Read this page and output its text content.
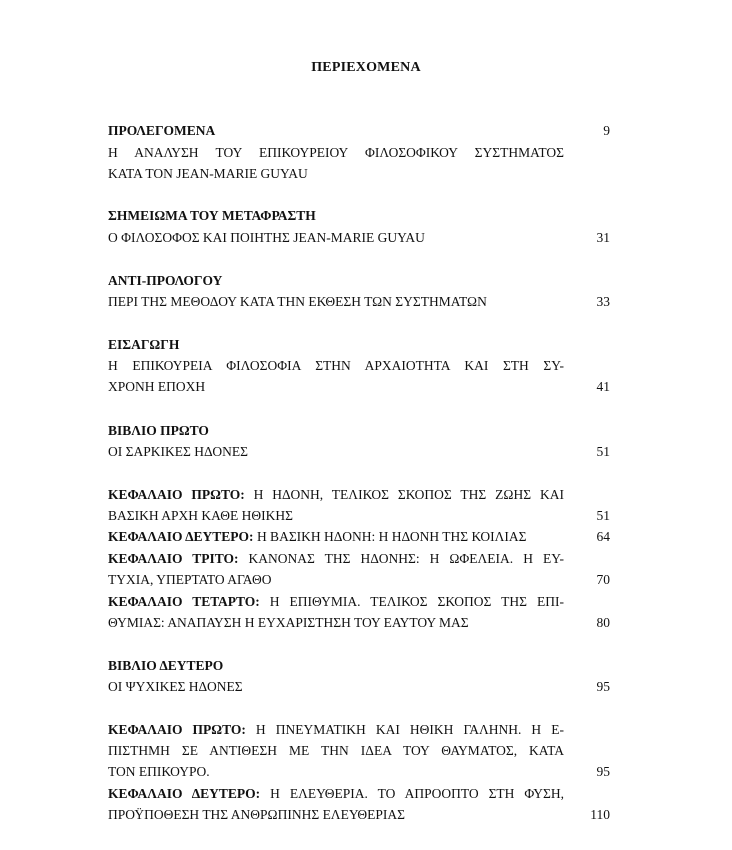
ΠΕΡΙΕΧΟΜΕΝΑ
ΠΡΟΛΕΓΟΜΕΝΑ	9
Η ΑΝΑΛΥΣΗ ΤΟΥ ΕΠΙΚΟΥΡΕΙΟΥ ΦΙΛΟΣΟΦΙΚΟΥ ΣΥΣΤΗΜΑΤΟΣ
ΚΑΤΑ ΤΟΝ JEAN-MARIE GUYAU
ΣΗΜΕΙΩΜΑ ΤΟΥ ΜΕΤΑΦΡΑΣΤΗ
Ο ΦΙΛΟΣΟΦΟΣ ΚΑΙ ΠΟΙΗΤΗΣ JEAN-MARIE GUYAU	31
ΑΝΤΙ-ΠΡΟΛΟΓΟΥ
ΠΕΡΙ ΤΗΣ ΜΕΘΟΔΟΥ ΚΑΤΑ ΤΗΝ ΕΚΘΕΣΗ ΤΩΝ ΣΥΣΤΗΜΑΤΩΝ	33
ΕΙΣΑΓΩΓΗ
Η ΕΠΙΚΟΥΡΕΙΑ ΦΙΛΟΣΟΦΙΑ ΣΤΗΝ ΑΡΧΑΙΟΤΗΤΑ ΚΑΙ ΣΤΗ ΣΥ-
ΧΡΟΝΗ ΕΠΟΧΗ	41
ΒΙΒΛΙΟ ΠΡΩΤΟ
ΟΙ ΣΑΡΚΙΚΕΣ ΗΔΟΝΕΣ	51
ΚΕΦΑΛΑΙΟ ΠΡΩΤΟ: Η ΗΔΟΝΗ, ΤΕΛΙΚΟΣ ΣΚΟΠΟΣ ΤΗΣ ΖΩΗΣ ΚΑΙ
ΒΑΣΙΚΗ ΑΡΧΗ ΚΑΘΕ ΗΘΙΚΗΣ	51
ΚΕΦΑΛΑΙΟ ΔΕΥΤΕΡΟ: Η ΒΑΣΙΚΗ ΗΔΟΝΗ: Η ΗΔΟΝΗ ΤΗΣ ΚΟΙΛΙΑΣ	64
ΚΕΦΑΛΑΙΟ ΤΡΙΤΟ: ΚΑΝΟΝΑΣ ΤΗΣ ΗΔΟΝΗΣ: Η ΩΦΕΛΕΙΑ. Η ΕΥ-
ΤΥΧΙΑ, ΥΠΕΡΤΑΤΟ ΑΓΑΘΟ	70
ΚΕΦΑΛΑΙΟ ΤΕΤΑΡΤΟ: Η ΕΠΙΘΥΜΙΑ. ΤΕΛΙΚΟΣ ΣΚΟΠΟΣ ΤΗΣ ΕΠΙ-
ΘΥΜΙΑΣ: ΑΝΑΠΑΥΣΗ Η ΕΥΧΑΡΙΣΤΗΣΗ ΤΟΥ ΕΑΥΤΟΥ ΜΑΣ	80
ΒΙΒΛΙΟ ΔΕΥΤΕΡΟ
ΟΙ ΨΥΧΙΚΕΣ ΗΔΟΝΕΣ	95
ΚΕΦΑΛΑΙΟ ΠΡΩΤΟ: Η ΠΝΕΥΜΑΤΙΚΗ ΚΑΙ ΗΘΙΚΗ ΓΑΛΗΝΗ. Η Ε-
ΠΙΣΤΗΜΗ ΣΕ ΑΝΤΙΘΕΣΗ ΜΕ ΤΗΝ ΙΔΕΑ ΤΟΥ ΘΑΥΜΑΤΟΣ, ΚΑΤΑ
ΤΟΝ ΕΠΙΚΟΥΡΟ.	95
ΚΕΦΑΛΑΙΟ ΔΕΥΤΕΡΟ: Η ΕΛΕΥΘΕΡΙΑ. ΤΟ ΑΠΡΟΟΠΤΟ ΣΤΗ ΦΥΣΗ,
ΠΡΟΫΠΟΘΕΣΗ ΤΗΣ ΑΝΘΡΩΠΙΝΗΣ ΕΛΕΥΘΕΡΙΑΣ	110
